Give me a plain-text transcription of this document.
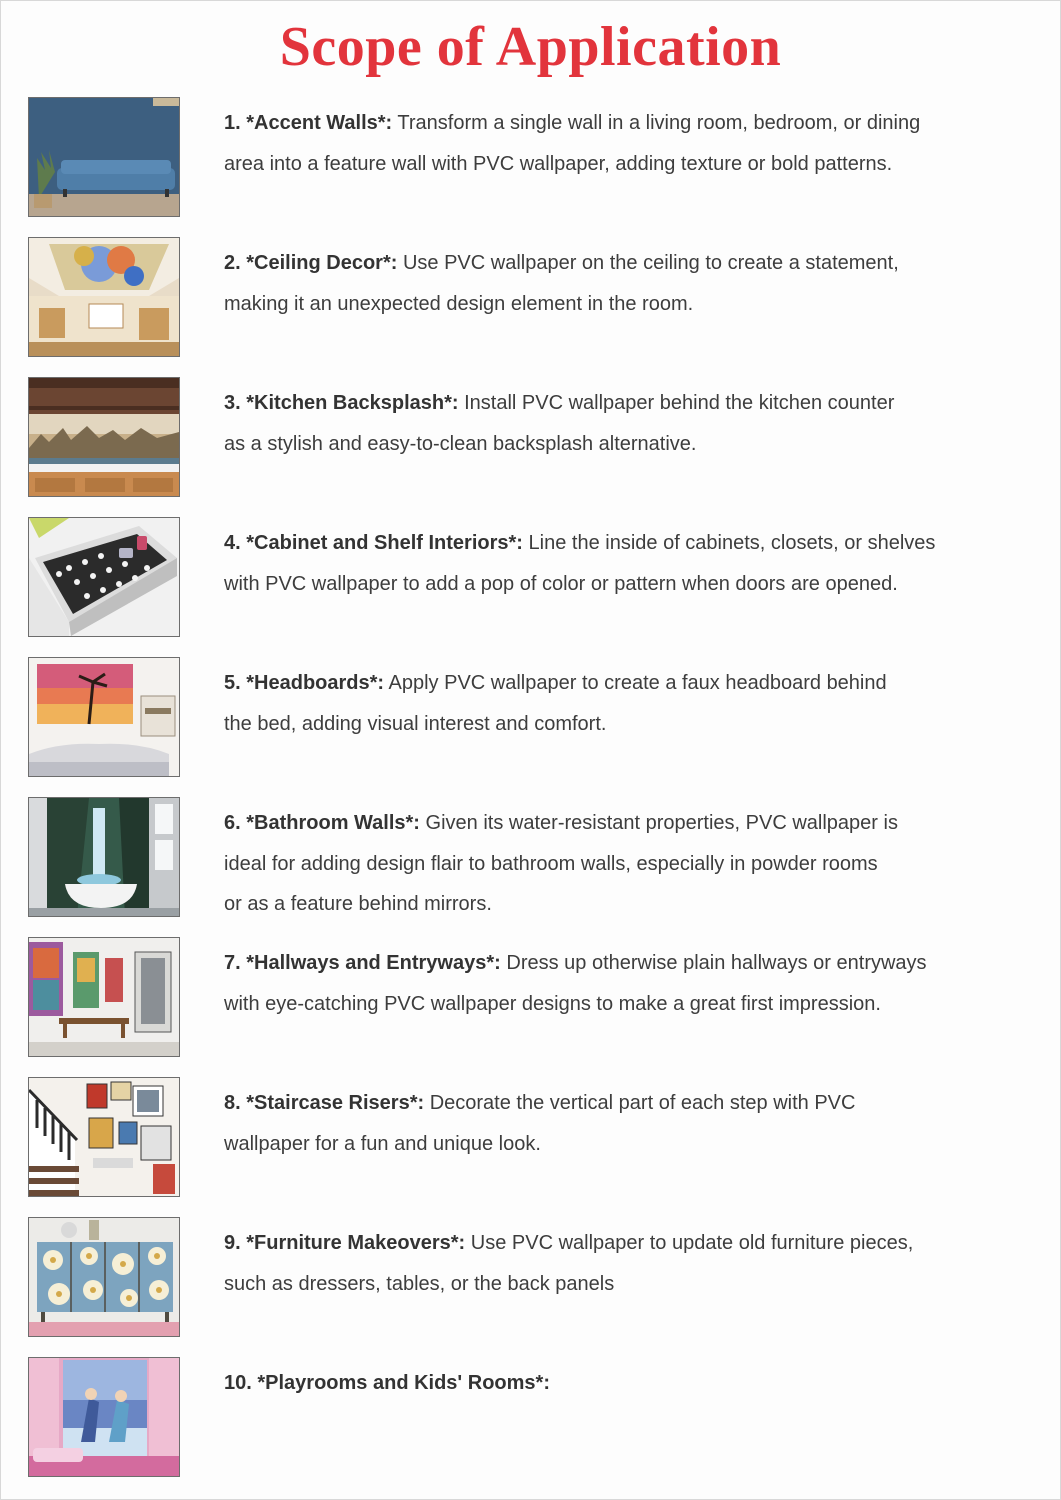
Scope of Application
1. *Accent Walls*: Transform a single wall in a living room, bedroom, or dining
area into a feature wall with PVC wallpaper, adding texture or bold patterns.
2. *Ceiling Decor*: Use PVC wallpaper on the ceiling to create a statement,
making it an unexpected design element in the room.
3. *Kitchen Backsplash*: Install PVC wallpaper behind the kitchen counter
as a stylish and easy-to-clean backsplash alternative.
4. *Cabinet and Shelf Interiors*: Line the inside of cabinets, closets, or shelves
with PVC wallpaper to add a pop of color or pattern when doors are opened.
5. *Headboards*: Apply PVC wallpaper to create a faux headboard behind
the bed, adding visual interest and comfort.
6. *Bathroom Walls*: Given its water-resistant properties, PVC wallpaper is
ideal for adding design flair to bathroom walls, especially in powder rooms
or as a feature behind mirrors.
7. *Hallways and Entryways*: Dress up otherwise plain hallways or entryways
with eye-catching PVC wallpaper designs to make a great first impression.
8. *Staircase Risers*: Decorate the vertical part of each step with PVC
wallpaper for a fun and unique look.
9. *Furniture Makeovers*: Use PVC wallpaper to update old furniture pieces,
such as dressers, tables, or the back panels
10. *Playrooms and Kids' Rooms*:
